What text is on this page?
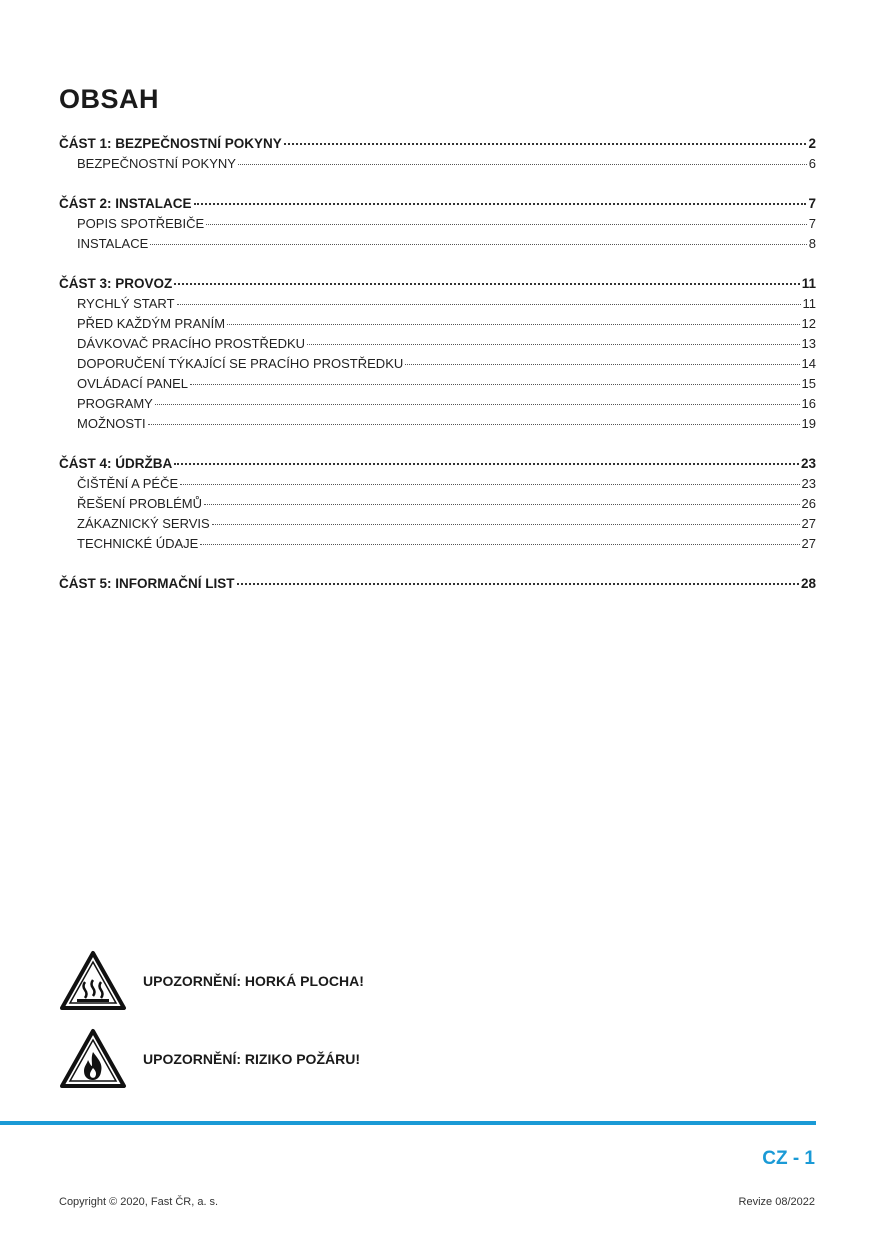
OBSAH
ČÁST 1: BEZPEČNOSTNÍ POKYNY	2
BEZPEČNOSTNÍ POKYNY	6
ČÁST 2: INSTALACE	7
POPIS SPOTŘEBIČE	7
INSTALACE	8
ČÁST 3: PROVOZ	11
RYCHLÝ START	11
PŘED KAŽDÝM PRANÍM	12
DÁVKOVAČ PRACÍHO PROSTŘEDKU	13
DOPORUČENÍ TÝKAJÍCÍ SE PRACÍHO PROSTŘEDKU	14
OVLÁDACÍ PANEL	15
PROGRAMY	16
MOŽNOSTI	19
ČÁST 4: ÚDRŽBA	23
ČIŠTĚNÍ A PÉČE	23
ŘEŠENÍ PROBLÉMŮ	26
ZÁKAZNICKÝ SERVIS	27
TECHNICKÉ ÚDAJE	27
ČÁST 5: INFORMAČNÍ LIST	28
UPOZORNĚNÍ: HORKÁ PLOCHA!
UPOZORNĚNÍ: RIZIKO POŽÁRU!
CZ - 1
Copyright © 2020, Fast ČR, a. s.	Revize 08/2022
